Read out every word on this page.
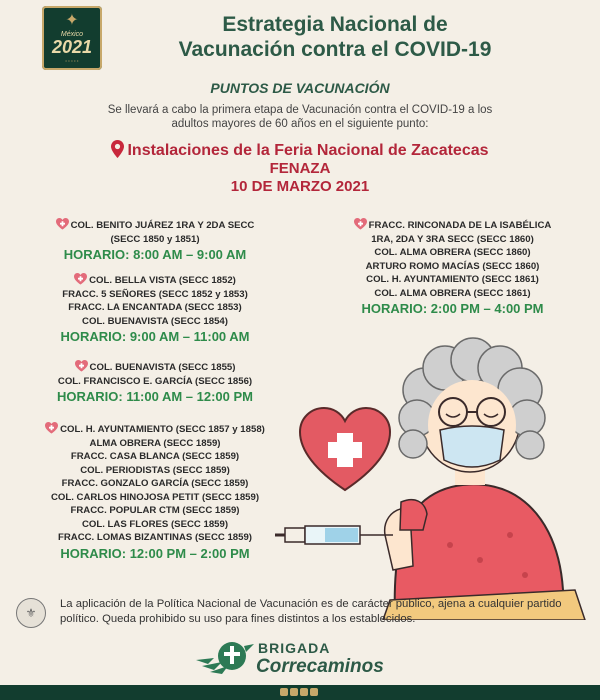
✦
México
2021
• • • • •
Estrategia Nacional de
Vacunación contra el COVID-19

PUNTOS DE VACUNACIÓN

Se llevará a cabo la primera etapa de Vacunación contra el COVID-19 a los adultos mayores de 60 años en el siguiente punto:

Instalaciones de la Feria Nacional de Zacatecas
FENAZA
10 DE MARZO 2021
COL. BENITO JUÁREZ 1RA Y 2DA SECC
(SECC 1850 y 1851)
HORARIO: 8:00 AM – 9:00 AM
COL. BELLA VISTA (SECC 1852)
FRACC. 5 SEÑORES (SECC 1852 y 1853)
FRACC. LA ENCANTADA (SECC 1853)
COL. BUENAVISTA (SECC 1854)
HORARIO: 9:00 AM – 11:00 AM
COL. BUENAVISTA (SECC 1855)
COL. FRANCISCO E. GARCÍA (SECC 1856)
HORARIO: 11:00 AM – 12:00 PM
COL. H. AYUNTAMIENTO (SECC 1857 y 1858)
ALMA OBRERA (SECC 1859)
FRACC. CASA BLANCA (SECC 1859)
COL. PERIODISTAS (SECC 1859)
FRACC. GONZALO GARCÍA (SECC 1859)
COL. CARLOS HINOJOSA PETIT (SECC 1859)
FRACC. POPULAR CTM (SECC 1859)
COL. LAS FLORES (SECC 1859)
FRACC. LOMAS BIZANTINAS (SECC 1859)
HORARIO: 12:00 PM – 2:00 PM
FRACC. RINCONADA DE LA ISABÉLICA
1RA, 2DA Y 3RA SECC (SECC 1860)
COL. ALMA OBRERA (SECC 1860)
ARTURO ROMO MACÍAS (SECC 1860)
COL. H. AYUNTAMIENTO (SECC 1861)
COL. ALMA OBRERA (SECC 1861)
HORARIO: 2:00 PM – 4:00 PM
⚜
La aplicación de la Política Nacional de Vacunación es de carácter público, ajena a cualquier partido político. Queda prohibido su uso para fines distintos a los establecidos.
BRIGADA
Correcaminos
